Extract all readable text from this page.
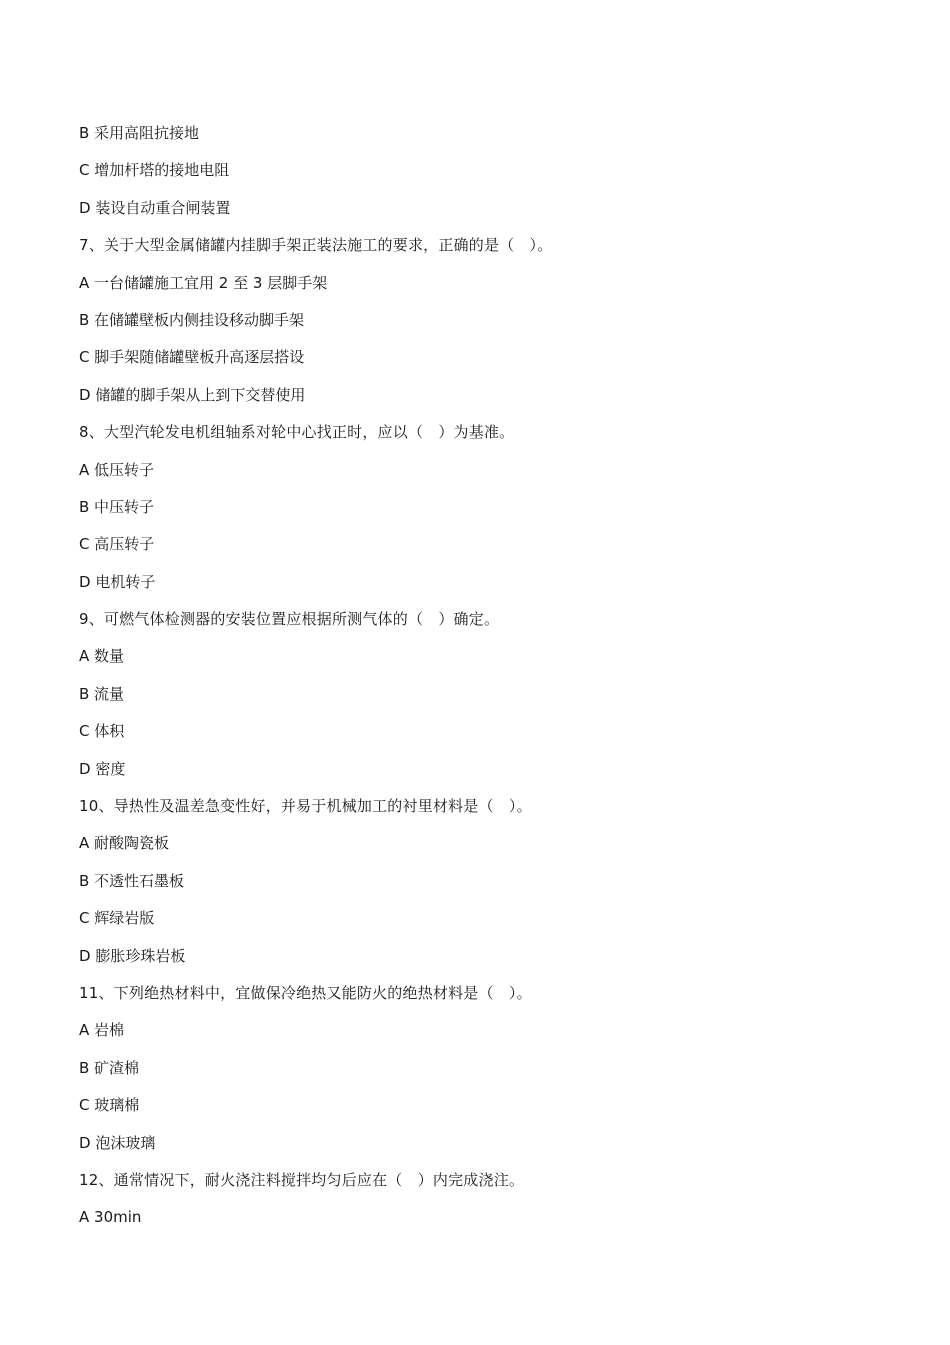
B 采用高阻抗接地
C 增加杆塔的接地电阻
D 装设自动重合闸装置
7、关于大型金属储罐内挂脚手架正装法施工的要求，正确的是（　）。
A 一台储罐施工宜用 2 至 3 层脚手架
B 在储罐壁板内侧挂设移动脚手架
C 脚手架随储罐壁板升高逐层搭设
D 储罐的脚手架从上到下交替使用
8、大型汽轮发电机组轴系对轮中心找正时，应以（　）为基准。
A 低压转子
B 中压转子
C 高压转子
D 电机转子
9、可燃气体检测器的安装位置应根据所测气体的（　）确定。
A 数量
B 流量
C 体积
D 密度
10、导热性及温差急变性好，并易于机械加工的衬里材料是（　）。
A 耐酸陶瓷板
B 不透性石墨板
C 辉绿岩版
D 膨胀珍珠岩板
11、下列绝热材料中，宜做保冷绝热又能防火的绝热材料是（　）。
A 岩棉
B 矿渣棉
C 玻璃棉
D 泡沫玻璃
12、通常情况下，耐火浇注料搅拌均匀后应在（　）内完成浇注。
A 30min
